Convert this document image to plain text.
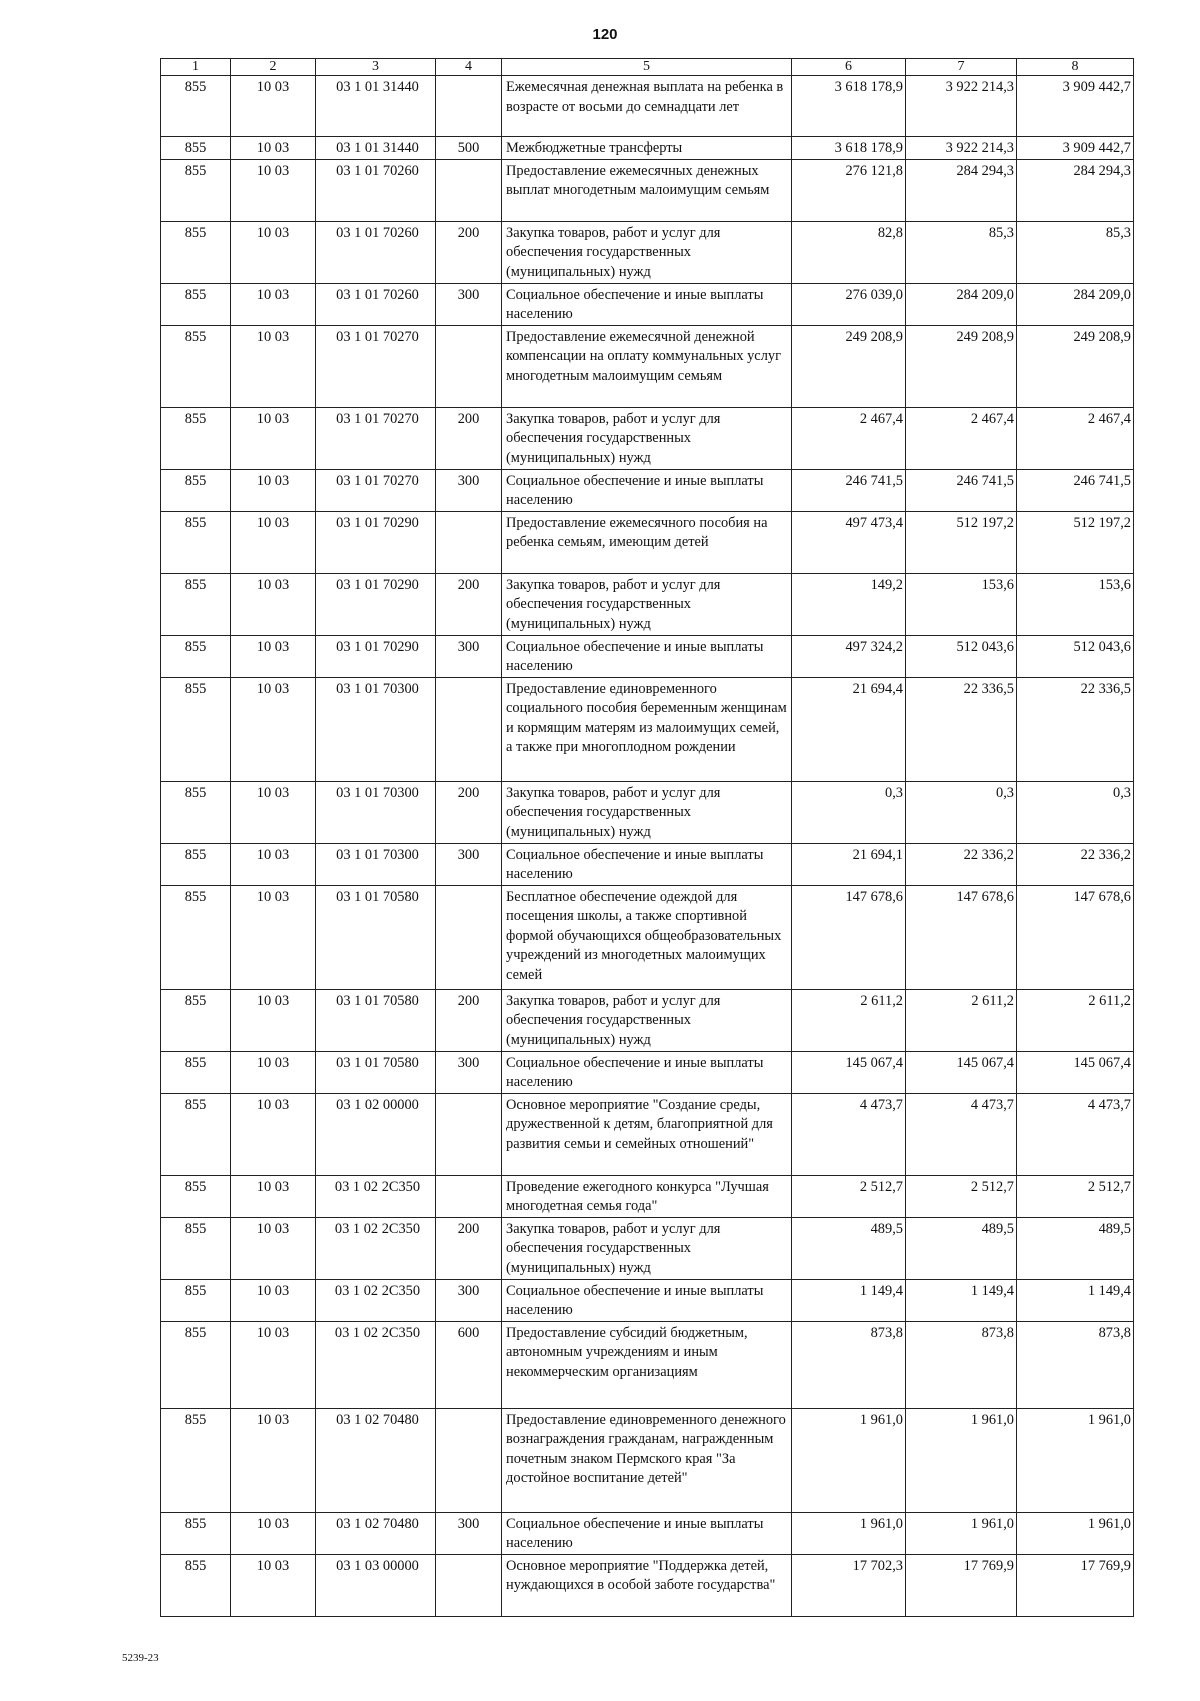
120
1	2	3	4	5	6	7	8
855	10 03	03 1 01 31440		Ежемесячная денежная выплата на ребенка в возрасте от восьми до семнадцати лет	3 618 178,9	3 922 214,3	3 909 442,7
855	10 03	03 1 01 31440	500	Межбюджетные трансферты	3 618 178,9	3 922 214,3	3 909 442,7
855	10 03	03 1 01 70260		Предоставление ежемесячных денежных выплат многодетным малоимущим семьям	276 121,8	284 294,3	284 294,3
855	10 03	03 1 01 70260	200	Закупка товаров, работ и услуг для обеспечения государственных (муниципальных) нужд	82,8	85,3	85,3
855	10 03	03 1 01 70260	300	Социальное обеспечение и иные выплаты населению	276 039,0	284 209,0	284 209,0
855	10 03	03 1 01 70270		Предоставление ежемесячной денежной компенсации на оплату коммунальных услуг многодетным малоимущим семьям	249 208,9	249 208,9	249 208,9
855	10 03	03 1 01 70270	200	Закупка товаров, работ и услуг для обеспечения государственных (муниципальных) нужд	2 467,4	2 467,4	2 467,4
855	10 03	03 1 01 70270	300	Социальное обеспечение и иные выплаты населению	246 741,5	246 741,5	246 741,5
855	10 03	03 1 01 70290		Предоставление ежемесячного пособия на ребенка семьям, имеющим детей	497 473,4	512 197,2	512 197,2
855	10 03	03 1 01 70290	200	Закупка товаров, работ и услуг для обеспечения государственных (муниципальных) нужд	149,2	153,6	153,6
855	10 03	03 1 01 70290	300	Социальное обеспечение и иные выплаты населению	497 324,2	512 043,6	512 043,6
855	10 03	03 1 01 70300		Предоставление единовременного социального пособия беременным женщинам и кормящим матерям из малоимущих семей, а также при многоплодном рождении	21 694,4	22 336,5	22 336,5
855	10 03	03 1 01 70300	200	Закупка товаров, работ и услуг для обеспечения государственных (муниципальных) нужд	0,3	0,3	0,3
855	10 03	03 1 01 70300	300	Социальное обеспечение и иные выплаты населению	21 694,1	22 336,2	22 336,2
855	10 03	03 1 01 70580		Бесплатное обеспечение одеждой для посещения школы, а также спортивной формой обучающихся общеобразовательных учреждений из многодетных малоимущих семей	147 678,6	147 678,6	147 678,6
855	10 03	03 1 01 70580	200	Закупка товаров, работ и услуг для обеспечения государственных (муниципальных) нужд	2 611,2	2 611,2	2 611,2
855	10 03	03 1 01 70580	300	Социальное обеспечение и иные выплаты населению	145 067,4	145 067,4	145 067,4
855	10 03	03 1 02 00000		Основное мероприятие "Создание среды, дружественной к детям, благоприятной для развития семьи и семейных отношений"	4 473,7	4 473,7	4 473,7
855	10 03	03 1 02 2С350		Проведение ежегодного конкурса "Лучшая многодетная семья года"	2 512,7	2 512,7	2 512,7
855	10 03	03 1 02 2С350	200	Закупка товаров, работ и услуг для обеспечения государственных (муниципальных) нужд	489,5	489,5	489,5
855	10 03	03 1 02 2С350	300	Социальное обеспечение и иные выплаты населению	1 149,4	1 149,4	1 149,4
855	10 03	03 1 02 2С350	600	Предоставление субсидий бюджетным, автономным учреждениям и иным некоммерческим организациям	873,8	873,8	873,8
855	10 03	03 1 02 70480		Предоставление единовременного денежного вознаграждения гражданам, награжденным почетным знаком Пермского края "За достойное воспитание детей"	1 961,0	1 961,0	1 961,0
855	10 03	03 1 02 70480	300	Социальное обеспечение и иные выплаты населению	1 961,0	1 961,0	1 961,0
855	10 03	03 1 03 00000		Основное мероприятие "Поддержка детей, нуждающихся в особой заботе государства"	17 702,3	17 769,9	17 769,9
5239-23
